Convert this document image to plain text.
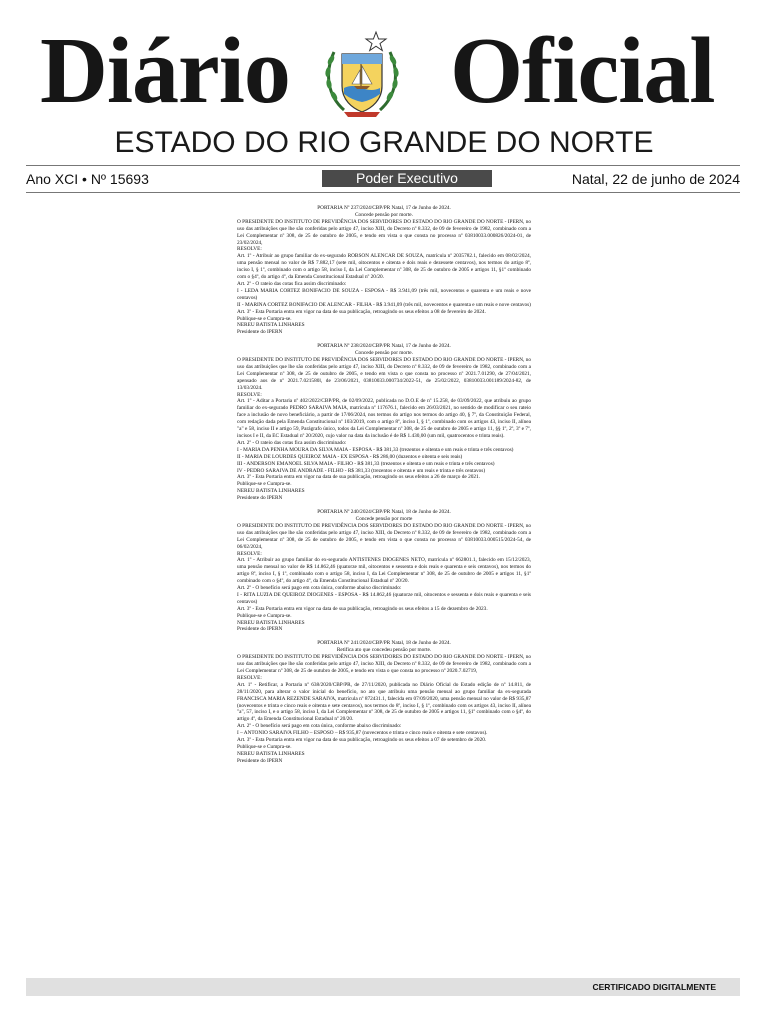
Diário Oficial
ESTADO DO RIO GRANDE DO NORTE
Ano XCI • Nº 15693	Poder Executivo	Natal, 22 de junho de 2024

PORTARIA Nº 237/2024/CBP/PR Natal, 17 de Junho de 2024.

Concede pensão por morte.

O PRESIDENTE DO INSTITUTO DE PREVIDÊNCIA DOS SERVIDORES DO ESTADO DO RIO GRANDE DO NORTE - IPERN, no uso das atribuições que lhe são conferidas pelo artigo 47, inciso XIII, do Decreto nº 8.332, de 09 de fevereiro de 1982, combinado com a Lei Complementar nº 308, de 25 de outubro de 2005, e tendo em vista o que consta no processo nº 03810033.000826/2024-01, de 23/02/2024,

RESOLVE:

Art. 1º - Atribuir ao grupo familiar do ex-segurado ROBSON ALENCAR DE SOUZA, matrícula nº 2035782.1, falecido em 08/02/2024, uma pensão mensal no valor de R$ 7.882,17 (sete mil, oitocentos e oitenta e dois reais e dezessete centavos), nos termos do artigo 8º, inciso I, § 1º, combinado com o artigo 58, inciso I, da Lei Complementar nº 308, de 25 de outubro de 2005 e artigos 11, §1º combinado com o §4º, do artigo 4º, da Emenda Constitucional Estadual nº 20/20.

Art. 2º - O rateio das cotas fica assim discriminado:

I - LEDA MARIA CORTEZ BONIFACIO DE SOUZA - ESPOSA - R$ 3.941,09 (três mil, novecentos e quarenta e um reais e nove centavos)

II - MARINA CORTEZ BONIFACIO DE ALENCAR - FILHA - R$ 3.941,09 (três mil, novecentos e quarenta e um reais e nove centavos)

Art. 3º - Esta Portaria entra em vigor na data de sua publicação, retroagindo os seus efeitos a 08 de fevereiro de 2024.

Publique-se e Cumpra-se.

NEREU BATISTA LINHARES

Presidente do IPERN

PORTARIA Nº 238/2024/CBP/PR Natal, 17 de Junho de 2024.

Concede pensão por morte.

O PRESIDENTE DO INSTITUTO DE PREVIDÊNCIA DOS SERVIDORES DO ESTADO DO RIO GRANDE DO NORTE - IPERN, no uso das atribuições que lhe são conferidas pelo artigo 47, inciso XIII, do Decreto nº 8.332, de 09 de fevereiro de 1982, combinado com a Lei Complementar nº 308, de 25 de outubro de 2005, e tendo em vista o que consta no processo nº 2021.7.01290, de 27/04/2021, apensado aos de nº 2021.7.021580l, de 23/06/2021, 03810033.000734/2022-51, de 25/02/2022, 03810033.001189/2024-82, de 13/03/2024.

RESOLVE:

Art. 1º - Aditar a Portaria nº 402/2022/CBP/PR, de 02/09/2022, publicada no D.O.E de nº 15.258, de 03/09/2022, que atribuiu ao grupo familiar do ex-segurado PEDRO SARAIVA MAIA, matrícula nº 117676.1, falecido em 26/03/2021, no sentido de modificar o seu rateio face a inclusão de novo beneficiário, a partir de 17/06/2024, nos termos do artigo nos termos do artigo 40, § 7º, da Constituição Federal, com redação dada pela Emenda Constitucional nº 103/2019, com o artigo 8º, inciso I, § 1º, combinado com os artigos 43, inciso II, alínea "a" e 58, inciso II e artigo 59, Parágrafo único, todos da Lei Complementar nº 308, de 25 de outubro de 2005 e artigo 11, §§ 1º, 2º, 3º e 7º, incisos I e II, da EC Estadual nº 20/2020, cujo valor na data da inclusão é de R$ 1.430,00 (um mil, quatrocentos e trinta reais).

Art. 2º - O rateio das cotas fica assim discriminado:

I - MARIA DA PENHA MOURA DA SILVA MAIA - ESPOSA - R$ 381,33 (trezentos e oitenta e um reais e trinta e três centavos)

II - MARIA DE LOURDES QUEIROZ MAIA - EX ESPOSA - R$ 286,00 (duzentos e oitenta e seis reais)

III - ANDERSON EMANOEL SILVA MAIA - FILHO - R$ 381,33 (trezentos e oitenta e um reais e trinta e três centavos)

IV - PEDRO SARAIVA DE ANDRADE - FILHO - R$ 381,33 (trezentos e oitenta e um reais e trinta e três centavos)

Art. 3º - Esta Portaria entra em vigor na data de sua publicação, retroagindo os seus efeitos a 26 de março de 2021.

Publique-se e Cumpra-se.

NEREU BATISTA LINHARES

Presidente do IPERN

PORTARIA Nº 240/2024/CBP/PR Natal, 18 de Junho de 2024.

Concede pensão por morte

O PRESIDENTE DO INSTITUTO DE PREVIDÊNCIA DOS SERVIDORES DO ESTADO DO RIO GRANDE DO NORTE - IPERN, no uso das atribuições que lhe são conferidas pelo artigo 47, inciso XIII, do Decreto nº 8.332, de 09 de fevereiro de 1982, combinado com a Lei Complementar nº 308, de 25 de outubro de 2005, e tendo em vista o que consta no processo nº 03810033.000515/2024-54, de 06/02/2024,

RESOLVE:

Art. 1º - Atribuir ao grupo familiar do ex-segurado ANTISTENES DIOGENES NETO, matrícula nº 662801.1, falecido em 15/12/2023, uma pensão mensal no valor de R$ 14.862,46 (quatorze mil, oitocentos e sessenta e dois reais e quarenta e seis centavos), nos termos do artigo 8º, inciso I, § 1º, combinado com o artigo 58, inciso I, da Lei Complementar nº 308, de 25 de outubro de 2005 e artigos 11, §1º combinado com o §4º, do artigo 4º, da Emenda Constitucional Estadual nº 20/20.

Art. 2º - O benefício será pago em cota única, conforme abaixo discriminado:

I - RITA LUZIA DE QUEIROZ DIOGENES - ESPOSA - R$ 14.862,46 (quatorze mil, oitocentos e sessenta e dois reais e quarenta e seis centavos)

Art. 3º - Esta Portaria entra em vigor na data de sua publicação, retroagindo os seus efeitos a 15 de dezembro de 2023.

Publique-se e Cumpra-se.

NEREU BATISTA LINHARES

Presidente do IPERN

PORTARIA Nº 241/2024/CBP/PR Natal, 18 de Junho de 2024.

Retifica ato que concedeu pensão por morte.

O PRESIDENTE DO INSTITUTO DE PREVIDÊNCIA DOS SERVIDORES DO ESTADO DO RIO GRANDE DO NORTE - IPERN, no uso das atribuições que lhe são conferidas pelo artigo 47, inciso XIII, do Decreto nº 8.332, de 09 de fevereiro de 1982, combinado com a Lei Complementar nº 308, de 25 de outubro de 2005, e tendo em vista o que consta no processo nº 2020.7.02719,

RESOLVE:

Art. 1º - Retificar, a Portaria nº 638/2020/CBP/PR, de 27/11/2020, publicada no Diário Oficial do Estado edição de nº 14.811, de 28/11/2020, para alterar o valor inicial do benefício, no ato que atribuiu uma pensão mensal ao grupo familiar da ex-segurada FRANCISCA MARIA REZENDE SARAIVA, matrícula nº 872431.1, falecida em 07/09/2020, uma pensão mensal no valor de R$ 935,87 (novecentos e trinta e cinco reais e oitenta e sete centavos), nos termos do 8º, inciso I, § 1º, combinado com os artigos 43, inciso II, alínea "a", 57, inciso I, e o artigo 58, inciso I, da Lei Complementar nº 308, de 25 de outubro de 2005 e artigos 11, §1º combinado com o §4º, do artigo 4º, da Emenda Constitucional Estadual nº 20/20.

Art. 2º - O benefício será pago em cota única, conforme abaixo discriminado:

I – ANTONIO SARAIVA FILHO – ESPOSO – R$ 935,87 (novecentos e trinta e cinco reais e oitenta e sete centavos).

Art. 3º - Esta Portaria entra em vigor na data de sua publicação, retroagindo os seus efeitos a 07 de setembro de 2020.

Publique-se e Cumpra-se.

NEREU BATISTA LINHARES

Presidente do IPERN

CERTIFICADO DIGITALMENTE
